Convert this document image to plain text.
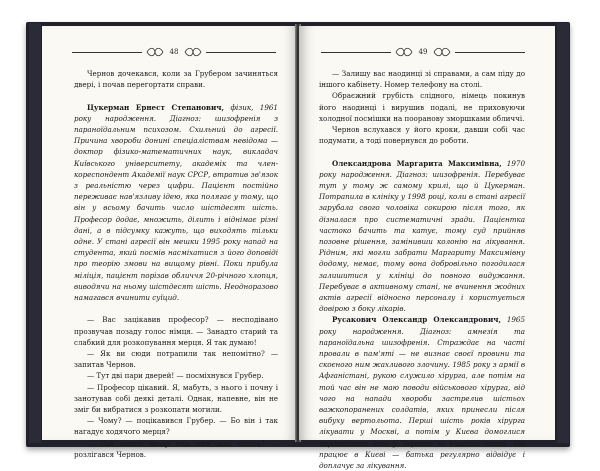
48

Чернов дочекався, коли за Грубером зачиняться двері, і почав перегортати справи.

Цукерман Ернест Степанович, фізик, 1961 року народження. Діагноз: шизофренія з параноїдальним психозом. Схильний до агресії. Причина хвороби донині спеціаліствам невідома — доктор фізико-математичних наук, викладач Київського університету, академік та член-кореспондент Академії наук СРСР, втратив зв'язок з реальністю через цифри. Пацієнт постійно переживає нав'язливу ідею, яка полягає у тому, що він у всьому бачить число шістдесят шість. Професор додає, множить, ділить і віднімає різні дані, а в підсумку кажуть, що виходять тільки одне. У стані агресії він мешки 1995 року напад на студента, який посмів насміхатися з його доповіді про теорію змови на вищому рівні. Поки прибула міліція, пацієнт порізав обличчя 20-річного хлопця, виводячи на ньому шістдесят шість. Неодноразово намагався вчинити суїцид.

— Вас зацікавив професор? — несподівано прозвучав позаду голос німця. — Занадто старий та слабкий для розкопування мерця. Я так думаю!

— Як ви сюди потрапили так непомітно? — запитав Чернов.

— Тут дві пари дверей! — посміхнувся Грубер.

— Професор цікавий. Я, мабуть, з нього і почну і занотував собі деякі деталі. Однак, напевне, він не зміг би вибратися з розкопати могили.

— Чому? — поцікавився Грубер. — Бо він і так нагадує ходячого мерця?

— Цій шпилі вечір над ним досі стоїть? — розлігався Чернов.

49

— Залишу вас наодинці зі справами, а сам піду до іншого кабінету. Номер телефону на столі.

Обраєжний грубість слідного, німець покинув його наодинці і вирушив подалі, не приховуючи холодної посмішки на пооранову зморшками обличчі.

Чернов вслухався у його кроки, давши собі час подумати, а тоді повернувся до роботи.

Олександрова Маргарита Максимівна, 1970 року народження. Діагноз: шизофренія. Перебуває тут у тому ж самому крилі, що й Цукерман. Потрапила в клініку у 1998 році, коли в стані агресії зарубала свого чоловіка сокирою після того, як дізналася про систематичні зради. Пацієнтка частоко бачить та катує, тому суд прийняв позовне рішення, замінивши колонію на лікування. Рідним, які могли забрати Маргариту Максимівну додому, немає, тому вона добровільно погодилася залишитися у клініці до повного видужання. Перебуває в активному стані, не вчинення жодних актів агресії відносно персоналу і користується довірою з боку лікарів.

Русакович Олександр Олександрович, 1965 року народження. Діагноз: амнезія та параноїдальна шизофренія. Страждає на часті провали в пам'яті — не визнає своєї провини та скоєного ним жахливого злочину. 1985 року з армії в Афганістані, рукою служило хірурга, але потім на той час він не маю поводи військового хірурга, від чого на напади хвороби застрелив шістьох важкопоранених солдатів, яких принесли після вибуху вертольота. Перші шість років хірурга лікувати у Москві, а потім у Києва домоглися переведення його у Чернігів за власний кошт. Він працює в Києві — батька регулярно відвідує і доплачує за лікування.
